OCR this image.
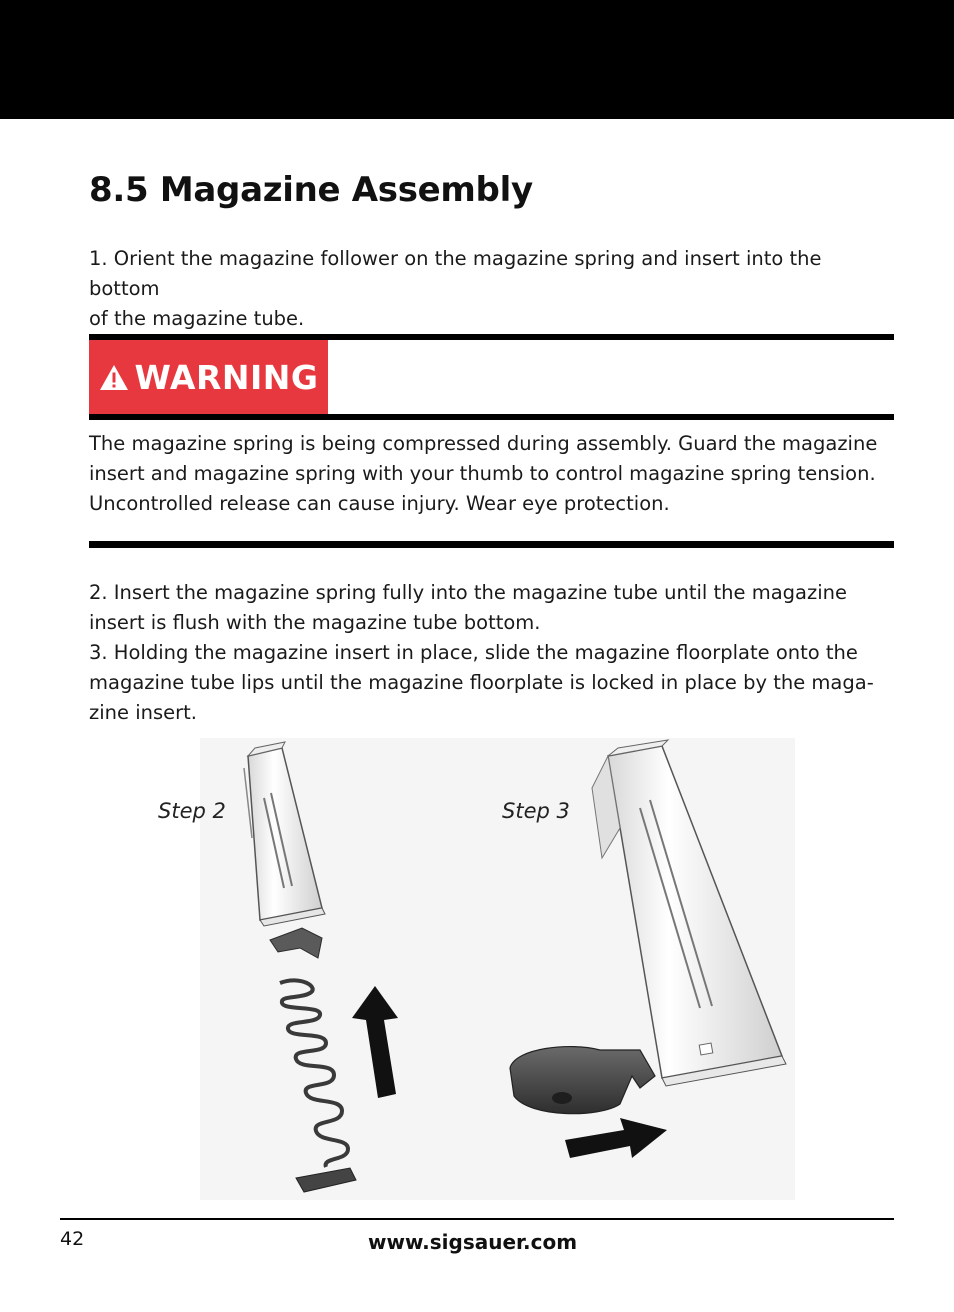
8.5 Magazine Assembly
1. Orient the magazine follower on the magazine spring and insert into the bottom
of the magazine tube.
WARNING
The magazine spring is being compressed during assembly. Guard the magazine
insert and magazine spring with your thumb to control magazine spring tension.
Uncontrolled release can cause injury. Wear eye protection.
2. Insert the magazine spring fully into the magazine tube until the magazine
insert is flush with the magazine tube bottom.
3. Holding the magazine insert in place, slide the magazine floorplate onto the
magazine tube lips until the magazine floorplate is locked in place by the maga-
zine insert.
Step 2	Step 3
42	www.sigsauer.com
